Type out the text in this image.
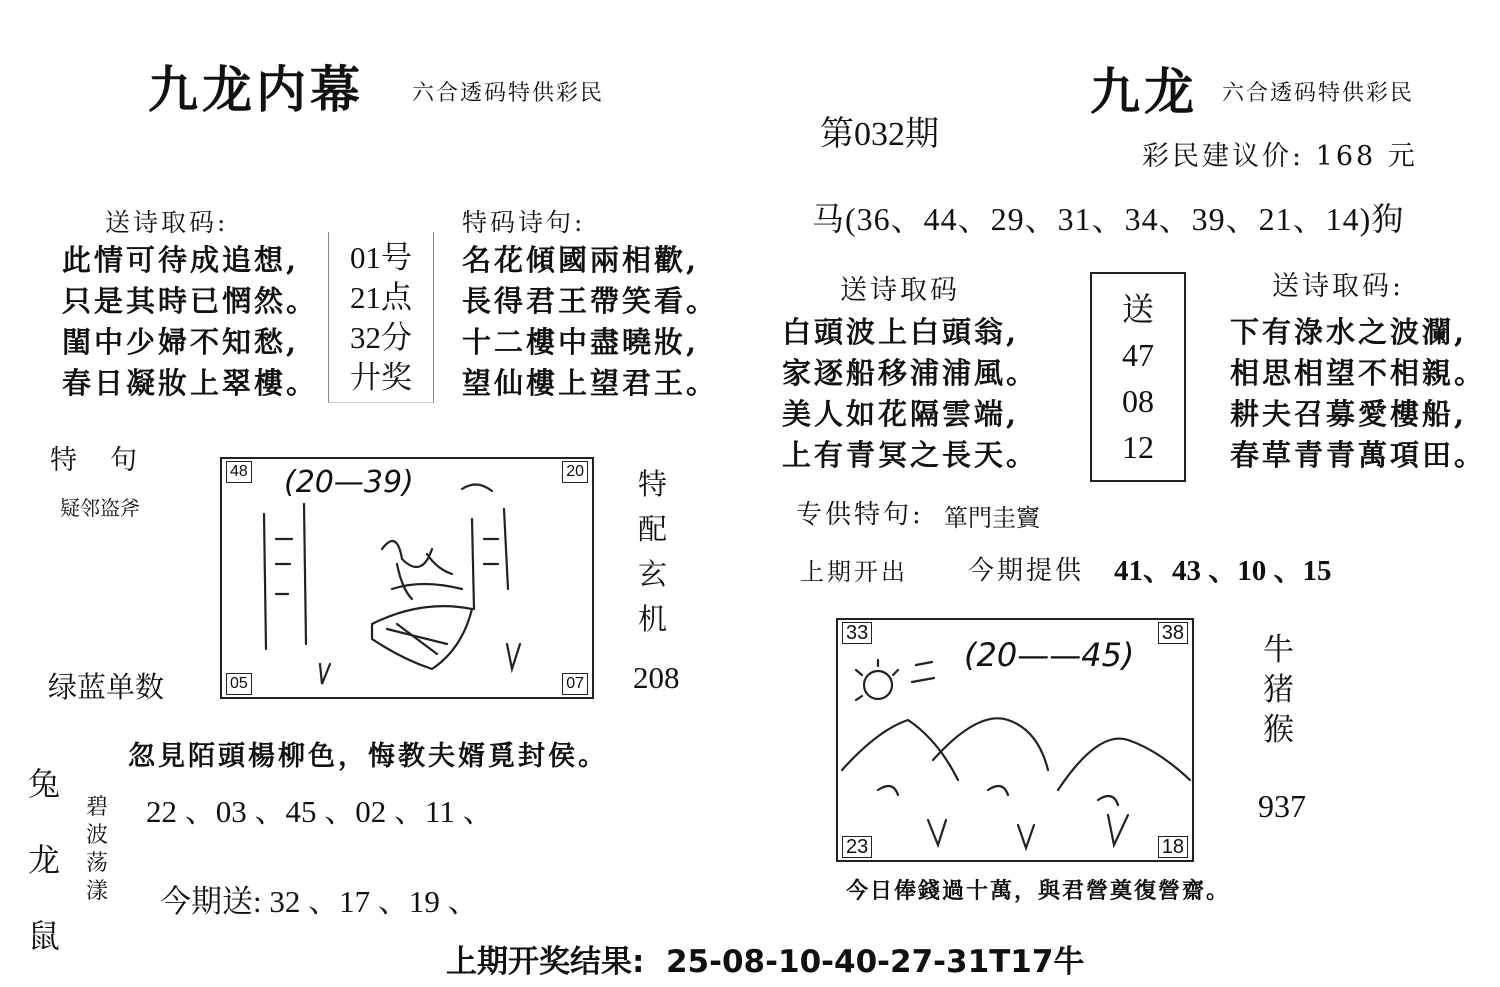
九龙内幕 六合透码特供彩民
送诗取码:
此情可待成追想,
只是其時已惘然。
閨中少婦不知愁,
春日凝妝上翠樓。
01号
21点
32分
廾奖
特码诗句:
名花傾國兩相歡,
長得君王帶笑看。
十二樓中盡曉妝,
望仙樓上望君王。
特　句
疑邻盗斧
48	20
05	07
(20—39)	特
配
玄
机
208
绿蓝单数
兔
龙
鼠
忽見陌頭楊柳色，悔教夫婿覓封侯。
碧
波
荡
漾
22 、03 、45 、02 、11 、
今期送: 32 、17 、19 、
第032期
九龙 六合透码特供彩民
彩民建议价: 168 元
马(36、44、29、31、34、39、21、14)狗
送诗取码
白頭波上白頭翁,
家逐船移浦浦風。
美人如花隔雲端,
上有青冥之長天。
送
47
08
12
送诗取码:
下有淥水之波瀾,
相思相望不相親。
耕夫召募愛樓船,
春草青青萬項田。
专供特句: 箪門圭竇
上期开出 今期提供 41、43 、10 、15
33	38
23	18
(20——45)	牛
猪
猴
937
今日俸錢過十萬，與君營奠復營齋。
上期开奖结果:  25-08-10-40-27-31T17牛
